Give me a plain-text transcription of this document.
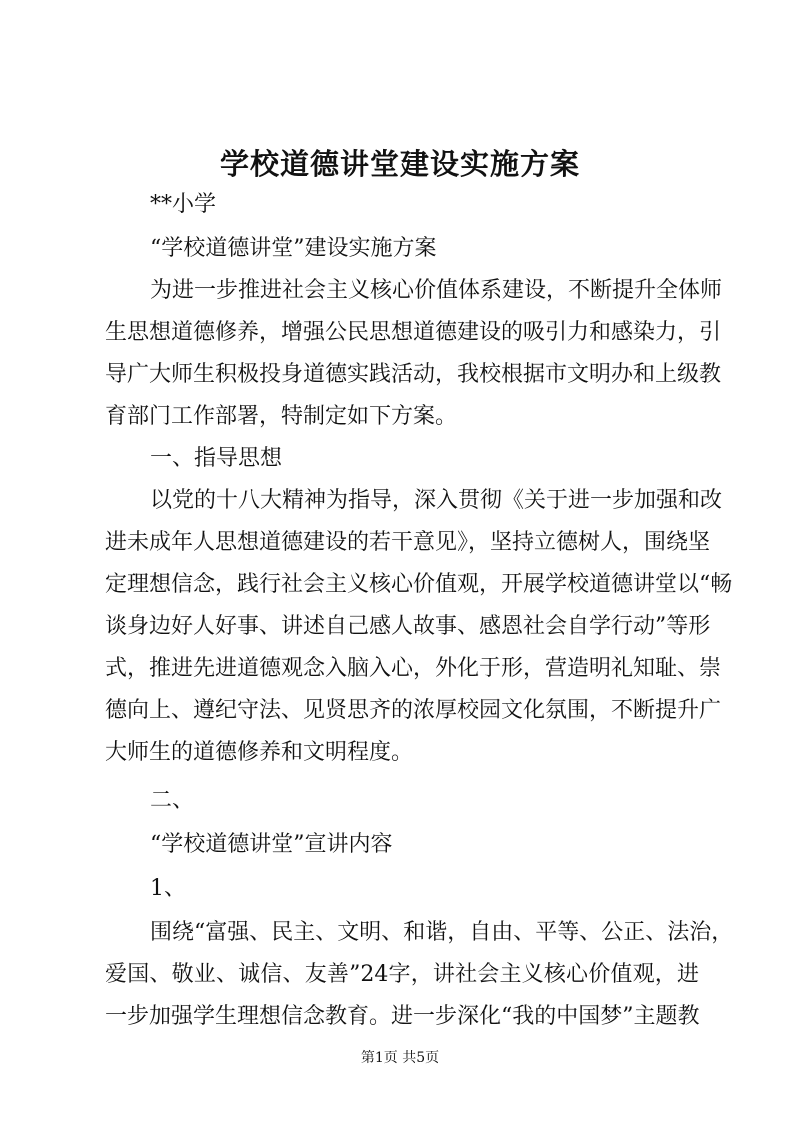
学校道德讲堂建设实施方案
**小学
“学校道德讲堂”建设实施方案
为进一步推进社会主义核心价值体系建设，不断提升全体师
生思想道德修养，增强公民思想道德建设的吸引力和感染力，引
导广大师生积极投身道德实践活动，我校根据市文明办和上级教
育部门工作部署，特制定如下方案。
一、指导思想
以党的十八大精神为指导，深入贯彻《关于进一步加强和改
进未成年人思想道德建设的若干意见》，坚持立德树人，围绕坚
定理想信念，践行社会主义核心价值观，开展学校道德讲堂以“畅
谈身边好人好事、讲述自己感人故事、感恩社会自学行动”等形
式，推进先进道德观念入脑入心，外化于形，营造明礼知耻、崇
德向上、遵纪守法、见贤思齐的浓厚校园文化氛围，不断提升广
大师生的道德修养和文明程度。
二、
“学校道德讲堂”宣讲内容
1、
围绕“富强、民主、文明、和谐，自由、平等、公正、法治，
爱国、敬业、诚信、友善”24字，讲社会主义核心价值观，进
一步加强学生理想信念教育。进一步深化“我的中国梦”主题教
第1页 共5页
